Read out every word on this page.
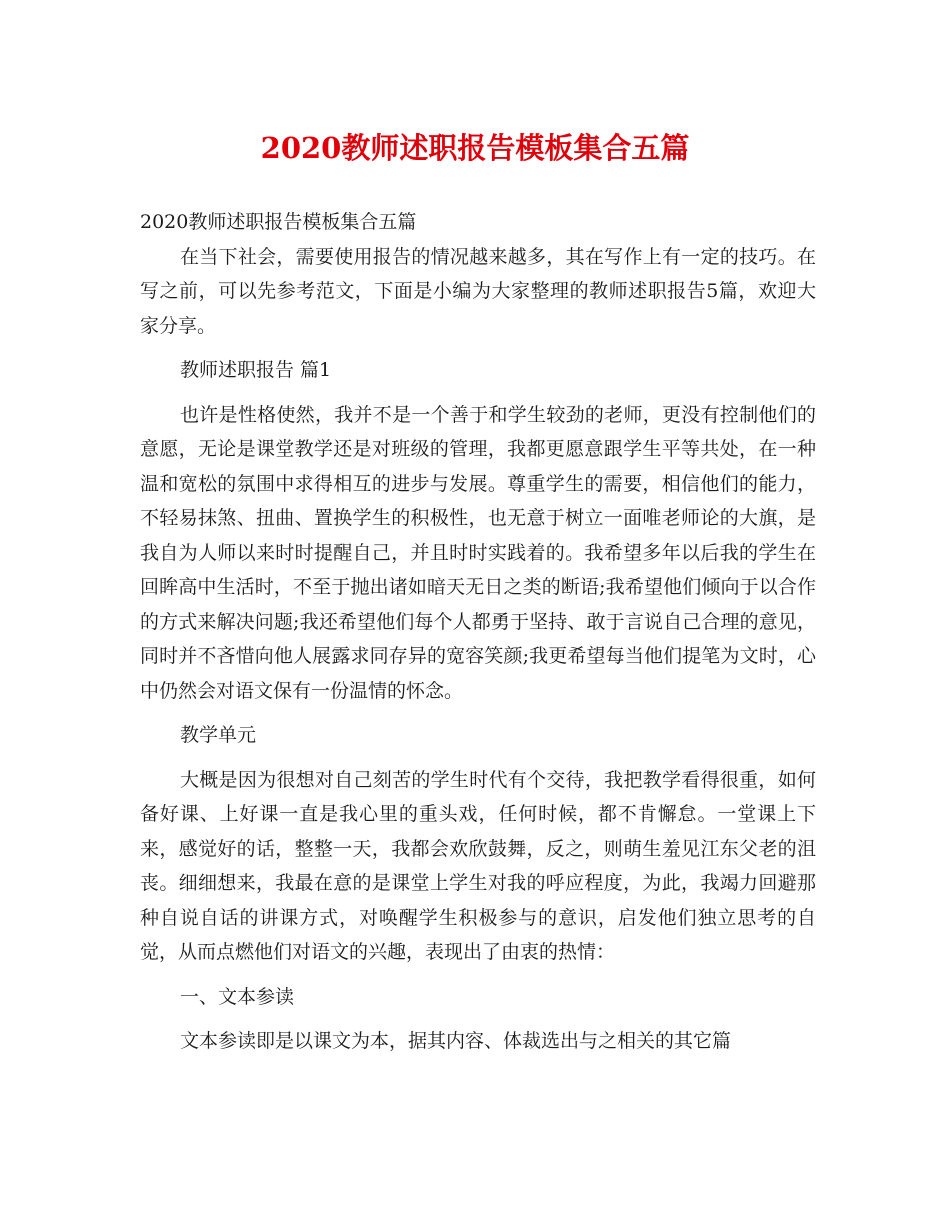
2020教师述职报告模板集合五篇

2020教师述职报告模板集合五篇

在当下社会，需要使用报告的情况越来越多，其在写作上有一定的技巧。在写之前，可以先参考范文，下面是小编为大家整理的教师述职报告5篇，欢迎大家分享。

教师述职报告 篇1

也许是性格使然，我并不是一个善于和学生较劲的老师，更没有控制他们的意愿，无论是课堂教学还是对班级的管理，我都更愿意跟学生平等共处，在一种温和宽松的氛围中求得相互的进步与发展。尊重学生的需要，相信他们的能力，不轻易抹煞、扭曲、置换学生的积极性，也无意于树立一面唯老师论的大旗，是我自为人师以来时时提醒自己，并且时时实践着的。我希望多年以后我的学生在回眸高中生活时，不至于抛出诸如暗天无日之类的断语;我希望他们倾向于以合作的方式来解决问题;我还希望他们每个人都勇于坚持、敢于言说自己合理的意见，同时并不吝惜向他人展露求同存异的宽容笑颜;我更希望每当他们提笔为文时，心中仍然会对语文保有一份温情的怀念。

教学单元

大概是因为很想对自己刻苦的学生时代有个交待，我把教学看得很重，如何备好课、上好课一直是我心里的重头戏，任何时候，都不肯懈怠。一堂课上下来，感觉好的话，整整一天，我都会欢欣鼓舞，反之，则萌生羞见江东父老的沮丧。细细想来，我最在意的是课堂上学生对我的呼应程度，为此，我竭力回避那种自说自话的讲课方式，对唤醒学生积极参与的意识，启发他们独立思考的自觉，从而点燃他们对语文的兴趣，表现出了由衷的热情：

一、文本参读

文本参读即是以课文为本，据其内容、体裁选出与之相关的其它篇
